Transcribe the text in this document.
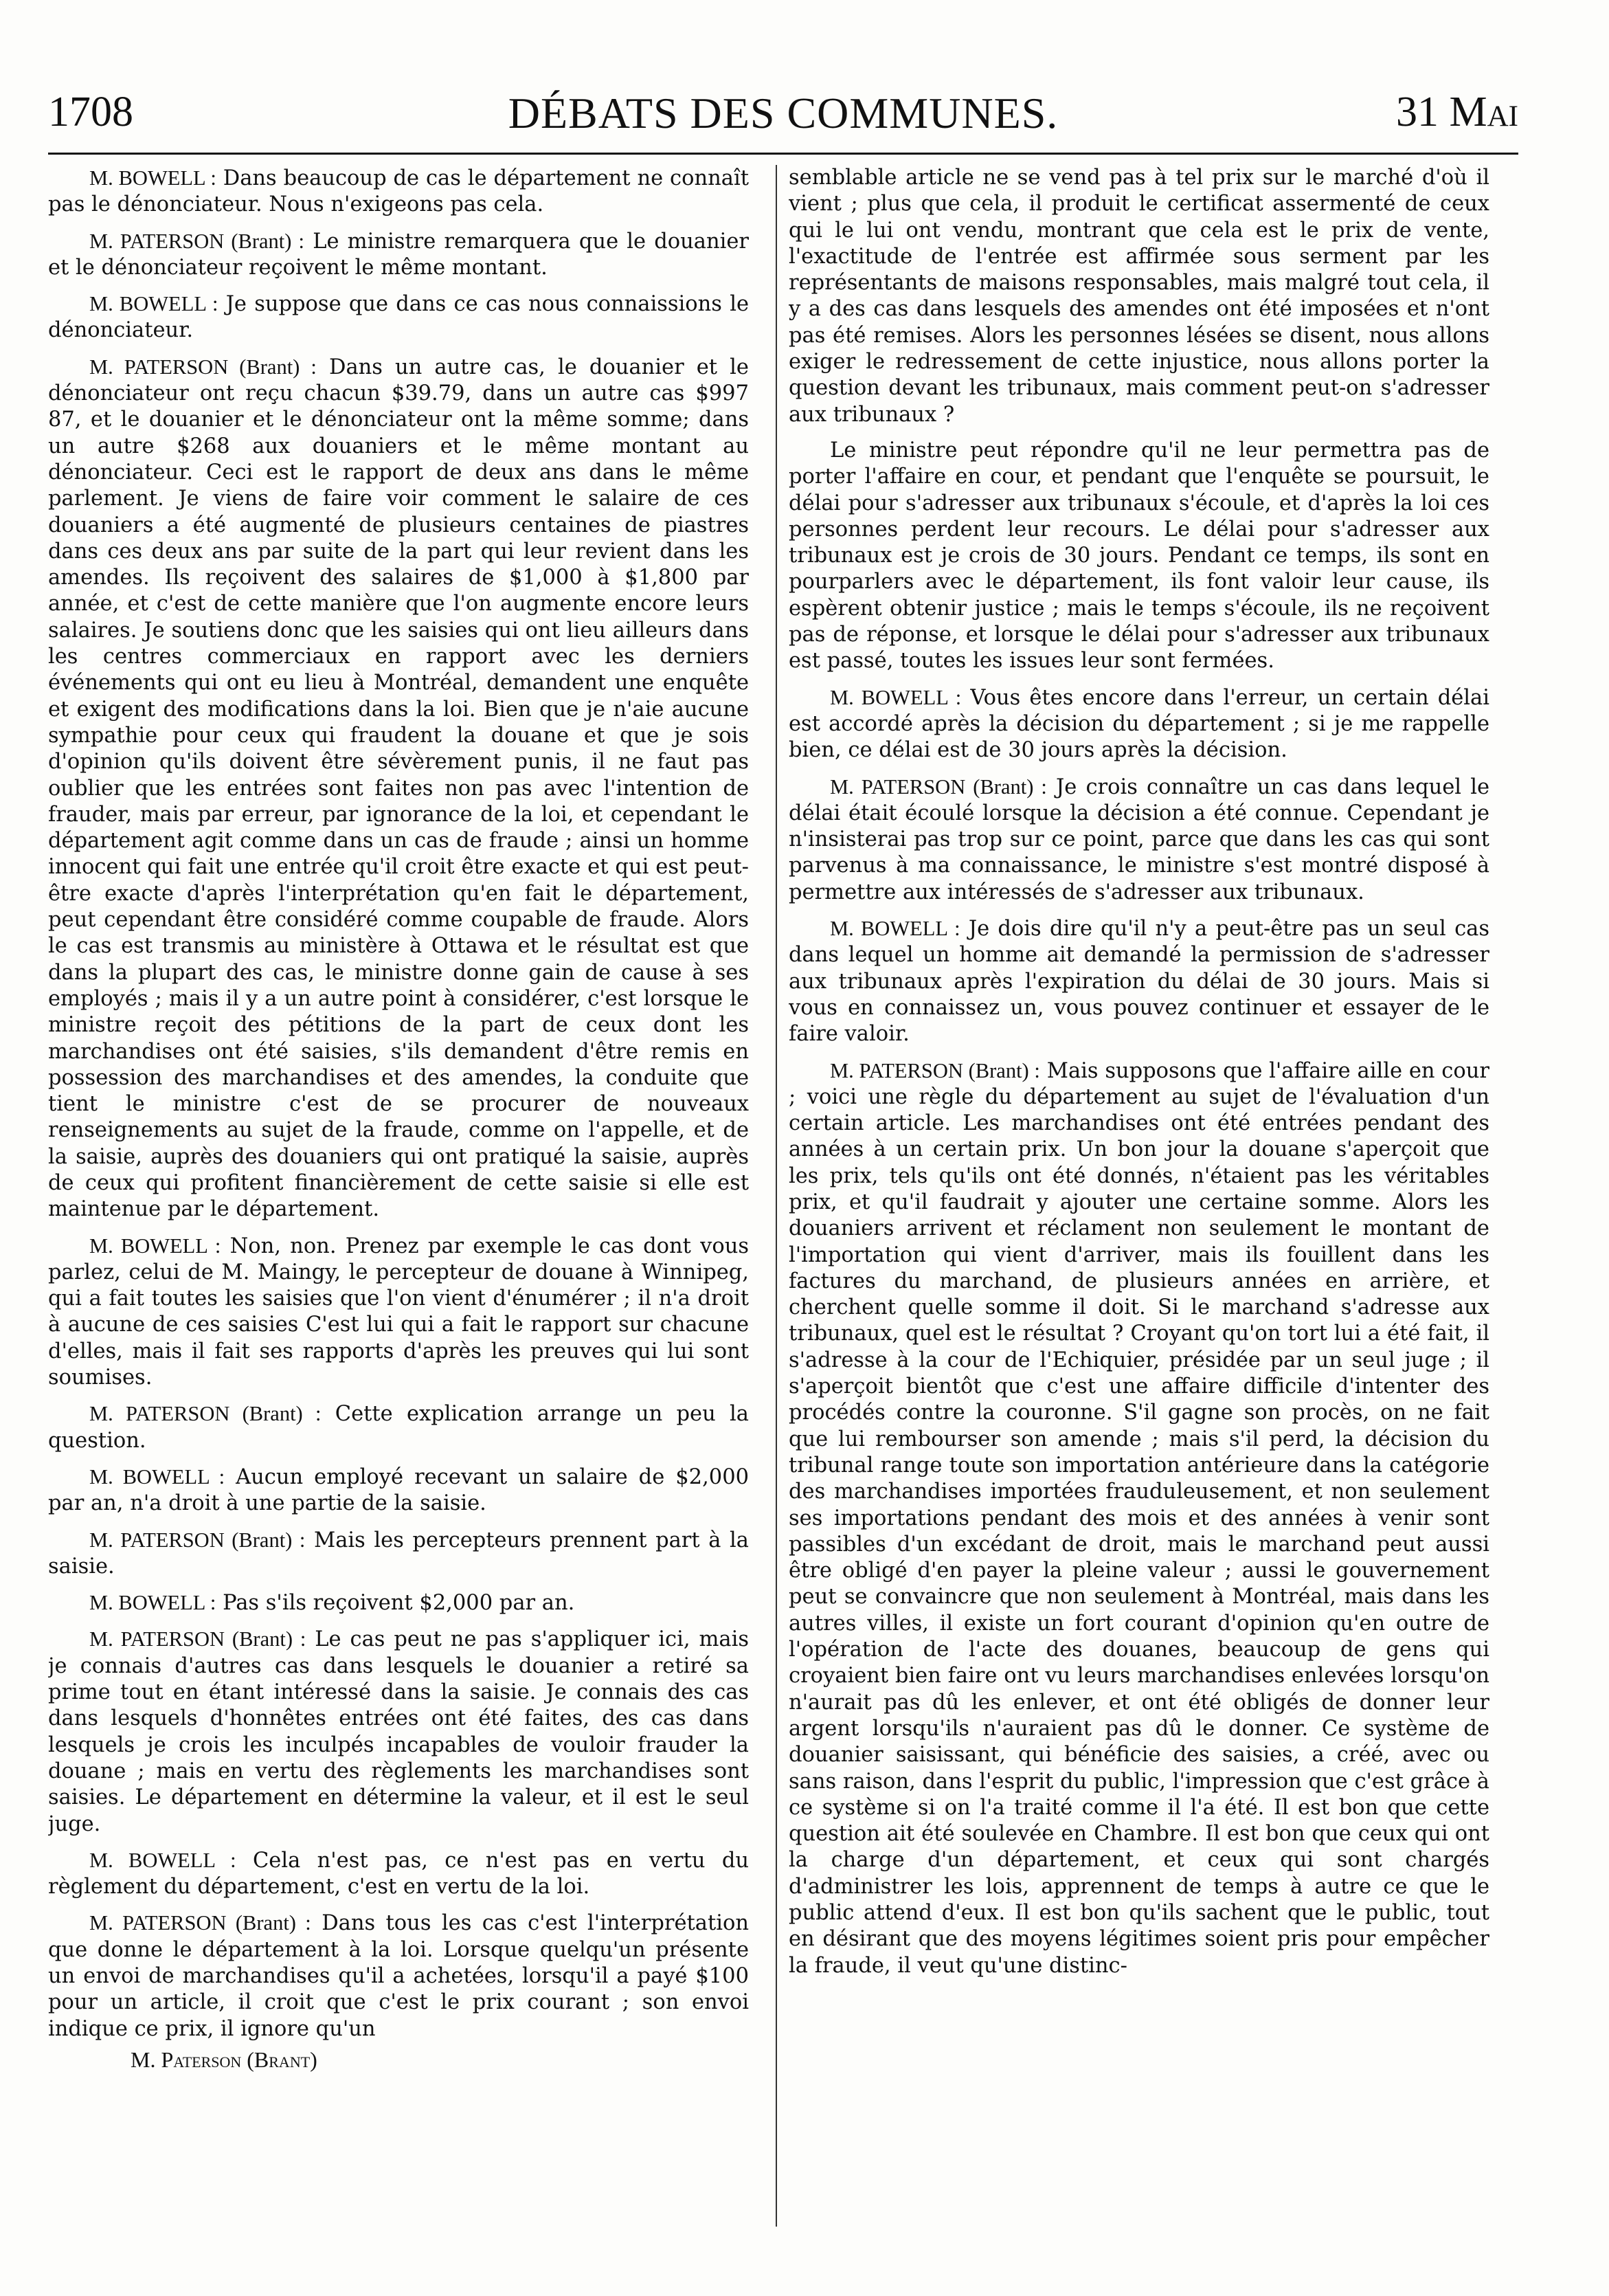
DÉBATS DES COMMUNES.
1708	31 Mai

M. BOWELL : Dans beaucoup de cas le département ne connaît pas le dénonciateur. Nous n'exigeons pas cela.

M. PATERSON (Brant) : Le ministre remarquera que le douanier et le dénonciateur reçoivent le même montant.

M. BOWELL : Je suppose que dans ce cas nous connaissions le dénonciateur.

M. PATERSON (Brant) : Dans un autre cas, le douanier et le dénonciateur ont reçu chacun $39.79, dans un autre cas $997 87, et le douanier et le dénonciateur ont la même somme; dans un autre $268 aux douaniers et le même montant au dénonciateur. Ceci est le rapport de deux ans dans le même parlement. Je viens de faire voir comment le salaire de ces douaniers a été augmenté de plusieurs centaines de piastres dans ces deux ans par suite de la part qui leur revient dans les amendes. Ils reçoivent des salaires de $1,000 à $1,800 par année, et c'est de cette manière que l'on augmente encore leurs salaires. Je soutiens donc que les saisies qui ont lieu ailleurs dans les centres commerciaux en rapport avec les derniers événements qui ont eu lieu à Montréal, demandent une enquête et exigent des modifications dans la loi. Bien que je n'aie aucune sympathie pour ceux qui fraudent la douane et que je sois d'opinion qu'ils doivent être sévèrement punis, il ne faut pas oublier que les entrées sont faites non pas avec l'intention de frauder, mais par erreur, par ignorance de la loi, et cependant le département agit comme dans un cas de fraude ; ainsi un homme innocent qui fait une entrée qu'il croit être exacte et qui est peut-être exacte d'après l'interprétation qu'en fait le département, peut cependant être considéré comme coupable de fraude. Alors le cas est transmis au ministère à Ottawa et le résultat est que dans la plupart des cas, le ministre donne gain de cause à ses employés ; mais il y a un autre point à considérer, c'est lorsque le ministre reçoit des pétitions de la part de ceux dont les marchandises ont été saisies, s'ils demandent d'être remis en possession des marchandises et des amendes, la conduite que tient le ministre c'est de se procurer de nouveaux renseignements au sujet de la fraude, comme on l'appelle, et de la saisie, auprès des douaniers qui ont pratiqué la saisie, auprès de ceux qui profitent financièrement de cette saisie si elle est maintenue par le département.

M. BOWELL : Non, non. Prenez par exemple le cas dont vous parlez, celui de M. Maingy, le percepteur de douane à Winnipeg, qui a fait toutes les saisies que l'on vient d'énumérer ; il n'a droit à aucune de ces saisies C'est lui qui a fait le rapport sur chacune d'elles, mais il fait ses rapports d'après les preuves qui lui sont soumises.

M. PATERSON (Brant) : Cette explication arrange un peu la question.

M. BOWELL : Aucun employé recevant un salaire de $2,000 par an, n'a droit à une partie de la saisie.

M. PATERSON (Brant) : Mais les percepteurs prennent part à la saisie.

M. BOWELL : Pas s'ils reçoivent $2,000 par an.

M. PATERSON (Brant) : Le cas peut ne pas s'appliquer ici, mais je connais d'autres cas dans lesquels le douanier a retiré sa prime tout en étant intéressé dans la saisie. Je connais des cas dans lesquels d'honnêtes entrées ont été faites, des cas dans lesquels je crois les inculpés incapables de vouloir frauder la douane ; mais en vertu des règlements les marchandises sont saisies. Le département en détermine la valeur, et il est le seul juge.

M. BOWELL : Cela n'est pas, ce n'est pas en vertu du règlement du département, c'est en vertu de la loi.

M. PATERSON (Brant) : Dans tous les cas c'est l'interprétation que donne le département à la loi. Lorsque quelqu'un présente un envoi de marchandises qu'il a achetées, lorsqu'il a payé $100 pour un article, il croit que c'est le prix courant ; son envoi indique ce prix, il ignore qu'un

M. Paterson (Brant)

semblable article ne se vend pas à tel prix sur le marché d'où il vient ; plus que cela, il produit le certificat assermenté de ceux qui le lui ont vendu, montrant que cela est le prix de vente, l'exactitude de l'entrée est affirmée sous serment par les représentants de maisons responsables, mais malgré tout cela, il y a des cas dans lesquels des amendes ont été imposées et n'ont pas été remises. Alors les personnes lésées se disent, nous allons exiger le redressement de cette injustice, nous allons porter la question devant les tribunaux, mais comment peut-on s'adresser aux tribunaux ?

Le ministre peut répondre qu'il ne leur permettra pas de porter l'affaire en cour, et pendant que l'enquête se poursuit, le délai pour s'adresser aux tribunaux s'écoule, et d'après la loi ces personnes perdent leur recours. Le délai pour s'adresser aux tribunaux est je crois de 30 jours. Pendant ce temps, ils sont en pourparlers avec le département, ils font valoir leur cause, ils espèrent obtenir justice ; mais le temps s'écoule, ils ne reçoivent pas de réponse, et lorsque le délai pour s'adresser aux tribunaux est passé, toutes les issues leur sont fermées.

M. BOWELL : Vous êtes encore dans l'erreur, un certain délai est accordé après la décision du département ; si je me rappelle bien, ce délai est de 30 jours après la décision.

M. PATERSON (Brant) : Je crois connaître un cas dans lequel le délai était écoulé lorsque la décision a été connue. Cependant je n'insisterai pas trop sur ce point, parce que dans les cas qui sont parvenus à ma connaissance, le ministre s'est montré disposé à permettre aux intéressés de s'adresser aux tribunaux.

M. BOWELL : Je dois dire qu'il n'y a peut-être pas un seul cas dans lequel un homme ait demandé la permission de s'adresser aux tribunaux après l'expiration du délai de 30 jours. Mais si vous en connaissez un, vous pouvez continuer et essayer de le faire valoir.

M. PATERSON (Brant) : Mais supposons que l'affaire aille en cour ; voici une règle du département au sujet de l'évaluation d'un certain article. Les marchandises ont été entrées pendant des années à un certain prix. Un bon jour la douane s'aperçoit que les prix, tels qu'ils ont été donnés, n'étaient pas les véritables prix, et qu'il faudrait y ajouter une certaine somme. Alors les douaniers arrivent et réclament non seulement le montant de l'importation qui vient d'arriver, mais ils fouillent dans les factures du marchand, de plusieurs années en arrière, et cherchent quelle somme il doit. Si le marchand s'adresse aux tribunaux, quel est le résultat ? Croyant qu'on tort lui a été fait, il s'adresse à la cour de l'Echiquier, présidée par un seul juge ; il s'aperçoit bientôt que c'est une affaire difficile d'intenter des procédés contre la couronne. S'il gagne son procès, on ne fait que lui rembourser son amende ; mais s'il perd, la décision du tribunal range toute son importation antérieure dans la catégorie des marchandises importées frauduleusement, et non seulement ses importations pendant des mois et des années à venir sont passibles d'un excédant de droit, mais le marchand peut aussi être obligé d'en payer la pleine valeur ; aussi le gouvernement peut se convaincre que non seulement à Montréal, mais dans les autres villes, il existe un fort courant d'opinion qu'en outre de l'opération de l'acte des douanes, beaucoup de gens qui croyaient bien faire ont vu leurs marchandises enlevées lorsqu'on n'aurait pas dû les enlever, et ont été obligés de donner leur argent lorsqu'ils n'auraient pas dû le donner. Ce système de douanier saisissant, qui bénéficie des saisies, a créé, avec ou sans raison, dans l'esprit du public, l'impression que c'est grâce à ce système si on l'a traité comme il l'a été. Il est bon que cette question ait été soulevée en Chambre. Il est bon que ceux qui ont la charge d'un département, et ceux qui sont chargés d'administrer les lois, apprennent de temps à autre ce que le public attend d'eux. Il est bon qu'ils sachent que le public, tout en désirant que des moyens légitimes soient pris pour empêcher la fraude, il veut qu'une distinc-
